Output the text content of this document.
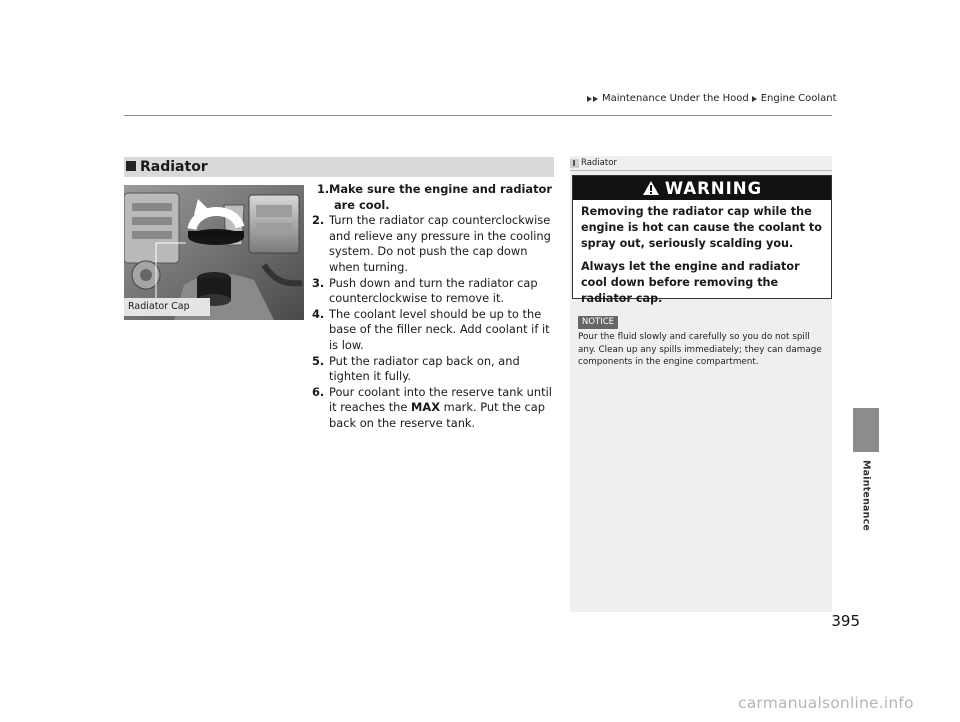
Maintenance Under the Hood Engine Coolant
Maintenance
Radiator
Radiator Cap
1. Make sure the engine and radiator are cool.
2. Turn the radiator cap counterclockwise and relieve any pressure in the cooling system. Do not push the cap down when turning.
3. Push down and turn the radiator cap counterclockwise to remove it.
4. The coolant level should be up to the base of the filler neck. Add coolant if it is low.
5. Put the radiator cap back on, and tighten it fully.
6. Pour coolant into the reserve tank until it reaches the MAX mark. Put the cap back on the reserve tank.
Radiator
WARNING

Removing the radiator cap while the engine is hot can cause the coolant to spray out, seriously scalding you.

Always let the engine and radiator cool down before removing the radiator cap.

NOTICE
Pour the fluid slowly and carefully so you do not spill any. Clean up any spills immediately; they can damage components in the engine compartment.
395
carmanualsonline.info
